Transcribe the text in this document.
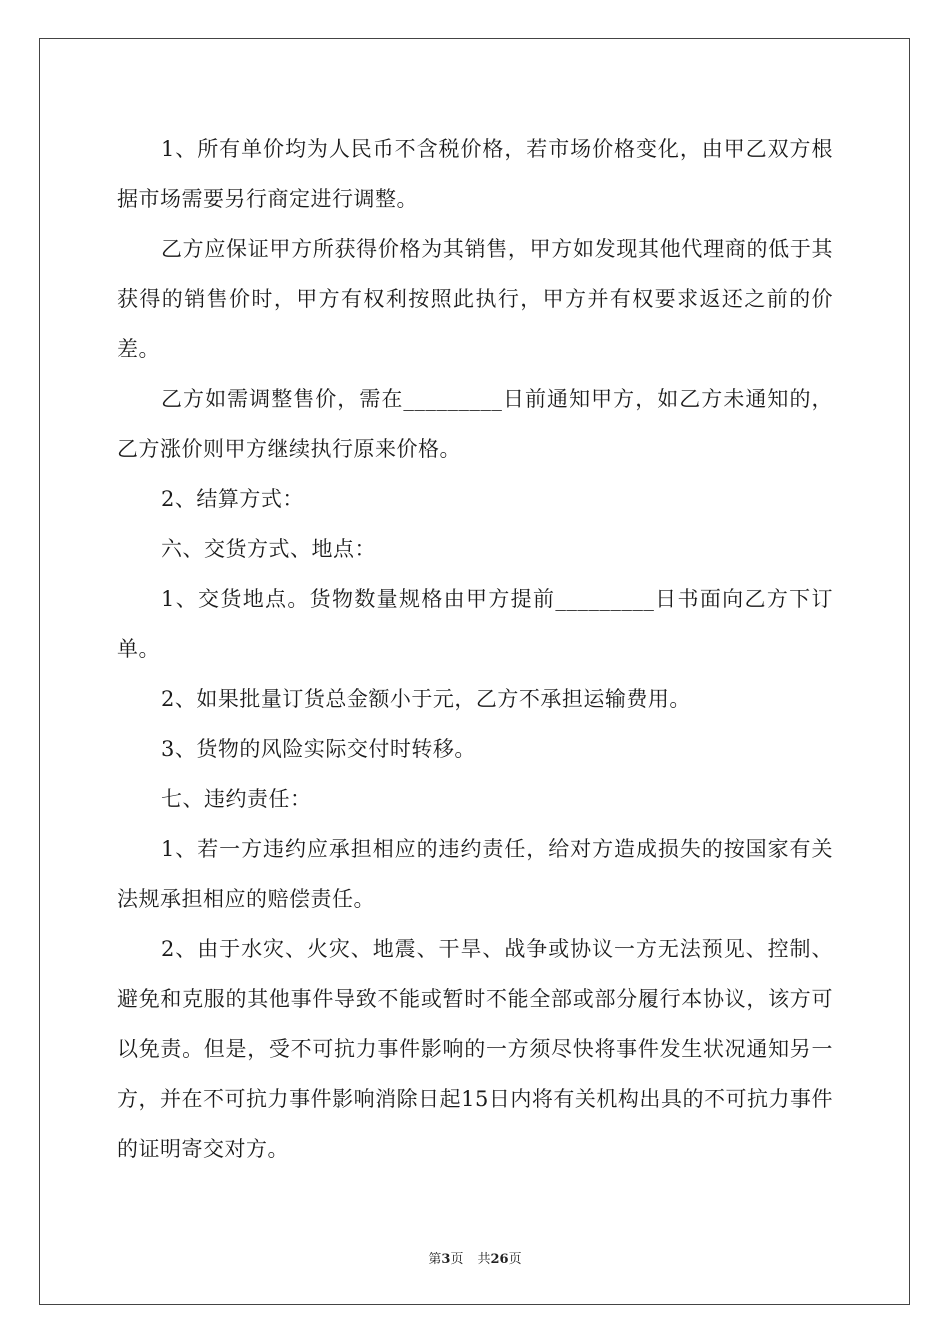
1、所有单价均为人民币不含税价格，若市场价格变化，由甲乙双方根据市场需要另行商定进行调整。

乙方应保证甲方所获得价格为其销售，甲方如发现其他代理商的低于其获得的销售价时，甲方有权利按照此执行，甲方并有权要求返还之前的价差。

乙方如需调整售价，需在_________日前通知甲方，如乙方未通知的，乙方涨价则甲方继续执行原来价格。

2、结算方式：

六、交货方式、地点：

1、交货地点。货物数量规格由甲方提前_________日书面向乙方下订单。

2、如果批量订货总金额小于元，乙方不承担运输费用。

3、货物的风险实际交付时转移。

七、违约责任：

1、若一方违约应承担相应的违约责任，给对方造成损失的按国家有关法规承担相应的赔偿责任。

2、由于水灾、火灾、地震、干旱、战争或协议一方无法预见、控制、避免和克服的其他事件导致不能或暂时不能全部或部分履行本协议，该方可以免责。但是，受不可抗力事件影响的一方须尽快将事件发生状况通知另一方，并在不可抗力事件影响消除日起15日内将有关机构出具的不可抗力事件的证明寄交对方。

第3页 共26页
